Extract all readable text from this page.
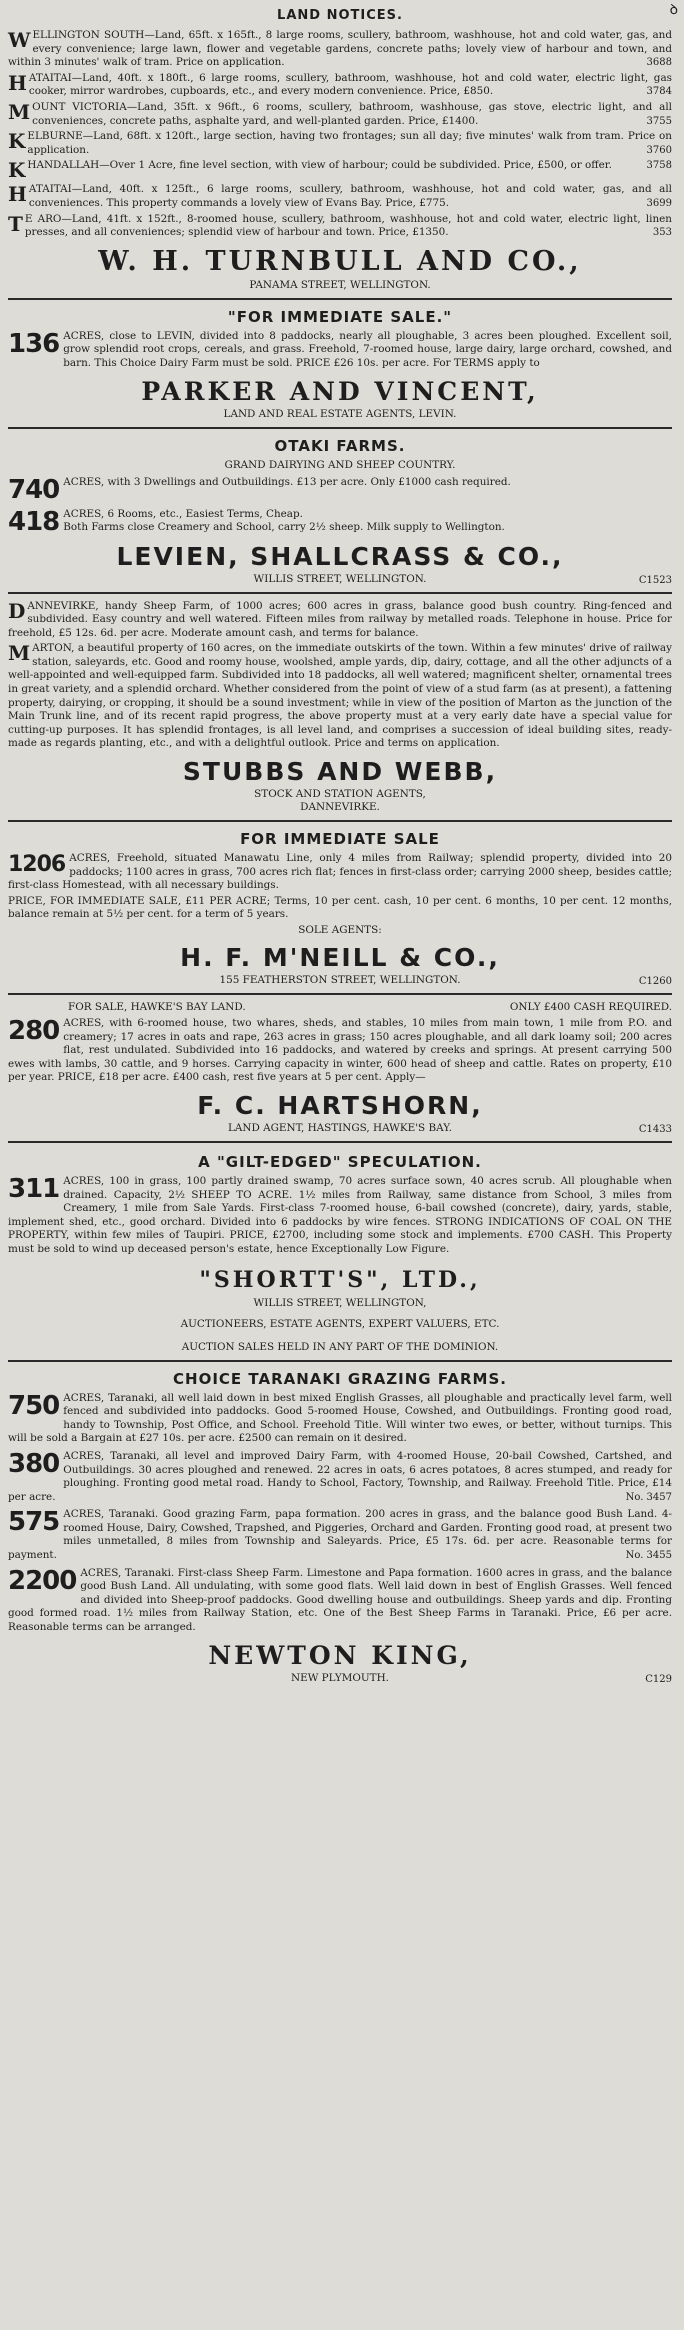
ꝺ
LAND NOTICES.
WELLINGTON SOUTH—Land, 65ft. x 165ft., 8 large rooms, scullery, bathroom, washhouse, hot and cold water, gas, and every convenience; large lawn, flower and vegetable gardens, concrete paths; lovely view of harbour and town, and within 3 minutes' walk of tram. Price on application.	3688
HATAITAI—Land, 40ft. x 180ft., 6 large rooms, scullery, bathroom, washhouse, hot and cold water, electric light, gas cooker, mirror wardrobes, cupboards, etc., and every modern convenience. Price, £850.	3784
MOUNT VICTORIA—Land, 35ft. x 96ft., 6 rooms, scullery, bathroom, washhouse, gas stove, electric light, and all conveniences, concrete paths, asphalte yard, and well-planted garden. Price, £1400.	3755
KELBURNE—Land, 68ft. x 120ft., large section, having two frontages; sun all day; five minutes' walk from tram. Price on application.	3760
KHANDALLAH—Over 1 Acre, fine level section, with view of harbour; could be subdivided. Price, £500, or offer.	3758
HATAITAI—Land, 40ft. x 125ft., 6 large rooms, scullery, bathroom, washhouse, hot and cold water, gas, and all conveniences. This property commands a lovely view of Evans Bay. Price, £775.	3699
T E ARO—Land, 41ft. x 152ft., 8-roomed house, scullery, bathroom, washhouse, hot and cold water, electric light, linen presses, and all conveniences; splendid view of harbour and town. Price, £1350.	353
W. H. TURNBULL AND CO.,
PANAMA STREET, WELLINGTON.
"FOR IMMEDIATE SALE."
136 ACRES, close to LEVIN, divided into 8 paddocks, nearly all ploughable, 3 acres been ploughed. Excellent soil, grow splendid root crops, cereals, and grass. Freehold, 7-roomed house, large dairy, large orchard, cowshed, and barn. This Choice Dairy Farm must be sold. PRICE £26 10s. per acre. For TERMS apply to
PARKER AND VINCENT,
LAND AND REAL ESTATE AGENTS, LEVIN.
OTAKI FARMS.
GRAND DAIRYING AND SHEEP COUNTRY.
740 ACRES, with 3 Dwellings and Outbuildings. £13 per acre. Only £1000 cash required.
418 ACRES, 6 Rooms, etc., Easiest Terms, Cheap.
Both Farms close Creamery and School, carry 2½ sheep. Milk supply to Wellington.
LEVIEN, SHALLCRASS & CO.,
WILLIS STREET, WELLINGTON.	C1523
DANNEVIRKE, handy Sheep Farm, of 1000 acres; 600 acres in grass, balance good bush country. Ring-fenced and subdivided. Easy country and well watered. Fifteen miles from railway by metalled roads. Telephone in house. Price for freehold, £5 12s. 6d. per acre. Moderate amount cash, and terms for balance.
MARTON, a beautiful property of 160 acres, on the immediate outskirts of the town. Within a few minutes' drive of railway station, saleyards, etc. Good and roomy house, woolshed, ample yards, dip, dairy, cottage, and all the other adjuncts of a well-appointed and well-equipped farm. Subdivided into 18 paddocks, all well watered; magnificent shelter, ornamental trees in great variety, and a splendid orchard. Whether considered from the point of view of a stud farm (as at present), a fattening property, dairying, or cropping, it should be a sound investment; while in view of the position of Marton as the junction of the Main Trunk line, and of its recent rapid progress, the above property must at a very early date have a special value for cutting-up purposes. It has splendid frontages, is all level land, and comprises a succession of ideal building sites, ready-made as regards planting, etc., and with a delightful outlook. Price and terms on application.
STUBBS AND WEBB,
STOCK AND STATION AGENTS,
DANNEVIRKE.
FOR IMMEDIATE SALE
1206 ACRES, Freehold, situated Manawatu Line, only 4 miles from Railway; splendid property, divided into 20 paddocks; 1100 acres in grass, 700 acres rich flat; fences in first-class order; carrying 2000 sheep, besides cattle; first-class Homestead, with all necessary buildings.
PRICE, FOR IMMEDIATE SALE, £11 PER ACRE; Terms, 10 per cent. cash, 10 per cent. 6 months, 10 per cent. 12 months, balance remain at 5½ per cent. for a term of 5 years.
SOLE AGENTS:
H. F. M'NEILL & CO.,
155 FEATHERSTON STREET, WELLINGTON.	C1260
FOR SALE, HAWKE'S BAY LAND.	ONLY £400 CASH REQUIRED.
280 ACRES, with 6-roomed house, two whares, sheds, and stables, 10 miles from main town, 1 mile from P.O. and creamery; 17 acres in oats and rape, 263 acres in grass; 150 acres ploughable, and all dark loamy soil; 200 acres flat, rest undulated. Subdivided into 16 paddocks, and watered by creeks and springs. At present carrying 500 ewes with lambs, 30 cattle, and 9 horses. Carrying capacity in winter, 600 head of sheep and cattle. Rates on property, £10 per year. PRICE, £18 per acre. £400 cash, rest five years at 5 per cent. Apply—
F. C. HARTSHORN,
LAND AGENT, HASTINGS, HAWKE'S BAY.	C1433
A "GILT-EDGED" SPECULATION.
311 ACRES, 100 in grass, 100 partly drained swamp, 70 acres surface sown, 40 acres scrub. All ploughable when drained. Capacity, 2½ SHEEP TO ACRE. 1½ miles from Railway, same distance from School, 3 miles from Creamery, 1 mile from Sale Yards. First-class 7-roomed house, 6-bail cowshed (concrete), dairy, yards, stable, implement shed, etc., good orchard. Divided into 6 paddocks by wire fences. STRONG INDICATIONS OF COAL ON THE PROPERTY, within few miles of Taupiri. PRICE, £2700, including some stock and implements. £700 CASH. This Property must be sold to wind up deceased person's estate, hence Exceptionally Low Figure.
"SHORTT'S", LTD.,
WILLIS STREET, WELLINGTON,
AUCTIONEERS, ESTATE AGENTS, EXPERT VALUERS, ETC.
AUCTION SALES HELD IN ANY PART OF THE DOMINION.
CHOICE TARANAKI GRAZING FARMS.
750 ACRES, Taranaki, all well laid down in best mixed English Grasses, all ploughable and practically level farm, well fenced and subdivided into paddocks. Good 5-roomed House, Cowshed, and Outbuildings. Fronting good road, handy to Township, Post Office, and School. Freehold Title. Will winter two ewes, or better, without turnips. This will be sold a Bargain at £27 10s. per acre. £2500 can remain on it desired.
380 ACRES, Taranaki, all level and improved Dairy Farm, with 4-roomed House, 20-bail Cowshed, Cartshed, and Outbuildings. 30 acres ploughed and renewed. 22 acres in oats, 6 acres potatoes, 8 acres stumped, and ready for ploughing. Fronting good metal road. Handy to School, Factory, Township, and Railway. Freehold Title. Price, £14 per acre.	No. 3457
575 ACRES, Taranaki. Good grazing Farm, papa formation. 200 acres in grass, and the balance good Bush Land. 4-roomed House, Dairy, Cowshed, Trapshed, and Piggeries, Orchard and Garden. Fronting good road, at present two miles unmetalled, 8 miles from Township and Saleyards. Price, £5 17s. 6d. per acre. Reasonable terms for payment.	No. 3455
2200 ACRES, Taranaki. First-class Sheep Farm. Limestone and Papa formation. 1600 acres in grass, and the balance good Bush Land. All undulating, with some good flats. Well laid down in best of English Grasses. Well fenced and divided into Sheep-proof paddocks. Good dwelling house and outbuildings. Sheep yards and dip. Fronting good formed road. 1½ miles from Railway Station, etc. One of the Best Sheep Farms in Taranaki. Price, £6 per acre. Reasonable terms can be arranged.
NEWTON KING,
NEW PLYMOUTH.	C129
